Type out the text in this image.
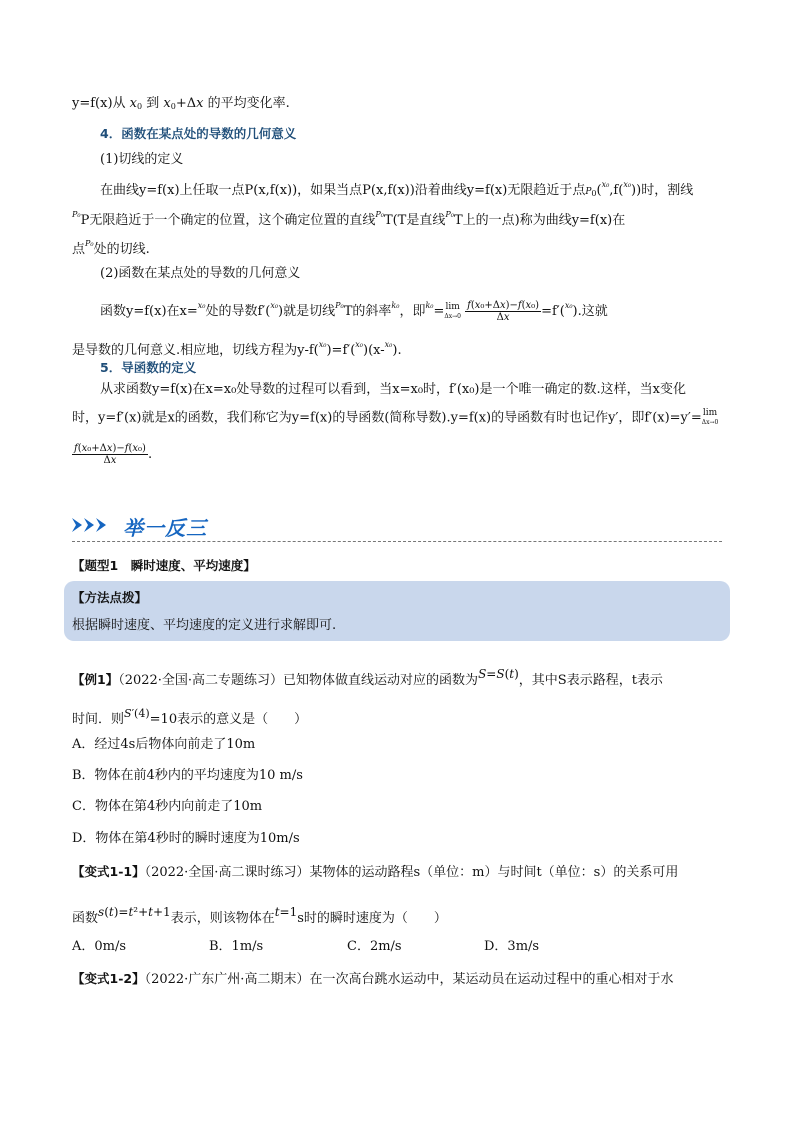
y=f(x)从 x0 到 x0+Δx 的平均变化率.
4．函数在某点处的导数的几何意义
(1)切线的定义
在曲线y=f(x)上任取一点P(x,f(x))，如果当点P(x,f(x))沿着曲线y=f(x)无限趋近于点P0($^{x_0}$,f($^{x_0}$))时，割线
$^{P_0}$P无限趋近于一个确定的位置，这个确定位置的直线$^{P_0}$T(T是直线$^{P_0}$T上的一点)称为曲线y=f(x)在
点$^{P_0}$处的切线.
(2)函数在某点处的导数的几何意义
函数y=f(x)在x=$^{x_0}$处的导数f′($^{x_0}$)就是切线$^{P_0}$T的斜率$^{k_0}$，即$^{k_0}$=lim
Δx→0
$\frac{\text{f(x₀+Δx)−f(x₀)}}{\Delta x} =f'(^{x_0})$.这就
是导数的几何意义.相应地，切线方程为y-f($^{x_0}$)=f′($^{x_0}$)(x-$^{x_0}$).
5．导函数的定义
从求函数y=f(x)在x=x₀处导数的过程可以看到，当x=x₀时，f′(x₀)是一个唯一确定的数.这样，当x变化
时，y=f′(x)就是x的函数，我们称它为y=f(x)的导函数(简称导数).y=f(x)的导函数有时也记作y′，即f′(x)=y′=lim
Δx→0
$\frac{\text{f(x₀+Δx)−f(x₀)}}{\Delta x}$ .
举一反三
【题型1　瞬时速度、平均速度】
【方法点拨】
根据瞬时速度、平均速度的定义进行求解即可.
【例1】（2022·全国·高二专题练习）已知物体做直线运动对应的函数为S=S(t)，其中S表示路程，t表示
时间．则$^{S'(4)}$=10表示的意义是（　　）
A．经过4s后物体向前走了10m
B．物体在前4秒内的平均速度为10 m/s
C．物体在第4秒内向前走了10m
D．物体在第4秒时的瞬时速度为10m/s
【变式1-1】（2022·全国·高二课时练习）某物体的运动路程s（单位：m）与时间t（单位：s）的关系可用
函数s(t)=t²+t+1表示，则该物体在t=1s时的瞬时速度为（　　）
A．0m/s	B．1m/s	C．2m/s	D．3m/s
【变式1-2】（2022·广东广州·高二期末）在一次高台跳水运动中，某运动员在运动过程中的重心相对于水
